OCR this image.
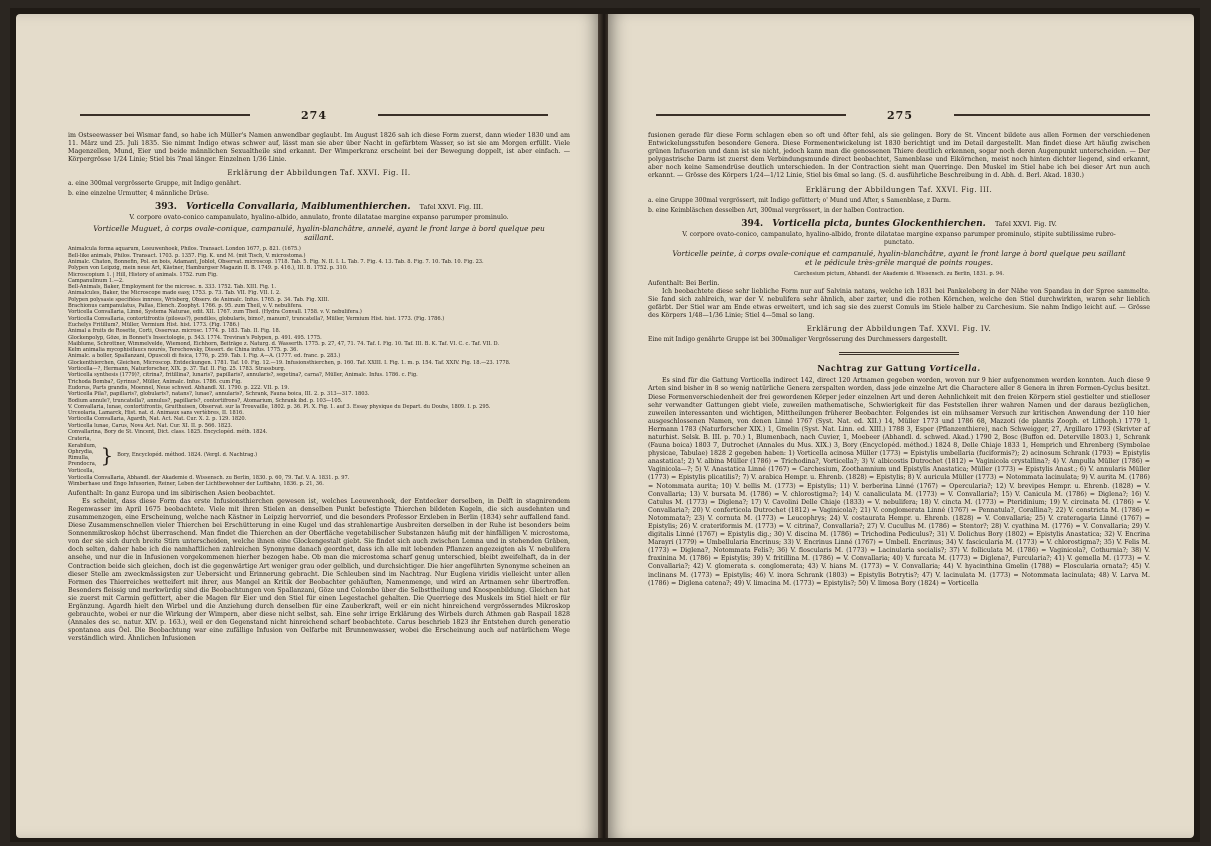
274

im Ostseewasser bei Wismar fand, so habe ich Müller's Namen anwendbar geglaubt. Im August 1826 sah ich diese Form zuerst, dann wieder 1830 und am 11. März und 25. Juli 1835. Sie nimmt Indigo etwas schwer auf, lässt man sie aber über Nacht in gefärbtem Wasser, so ist sie am Morgen erfüllt. Viele Magenzellen, Mund, Eier und beide männlichen Sexualtheile sind erkannt. Der Wimperkranz erscheint bei der Bewegung doppelt, ist aber einfach. — Körpergrösse 1/24 Linie; Stiel bis 7mal länger. Einzelnen 1/36 Linie.

Erklärung der Abbildungen Taf. XXVI. Fig. II.

a. eine 300mal vergrösserte Gruppe, mit Indigo genährt.

b. eine einzelne Urmutter, 4 männliche Drüse.

393. Vorticella Convallaria, Maiblumenthierchen. Tafel XXVI. Fig. III.

V. corpore ovato-conico campanulato, hyalino-albido, annulato, fronte dilatatae margine expanso parumper prominulo.

Vorticelle Muguet, à corps ovale-conique, campanulé, hyalin-blanchâtre, annelé, ayant le front large à bord quelque peu saillant.

Animalcula forma aquarum, Leeuwenhoek, Philos. Transact. London 1677, p. 821. (1675.)

Bell-like animals, Philos. Transact. 1703. p. 1357. Fig. K. und M. (mit Tisch, V. microstoma.)

Animalc. Chaton, Bonnefin, Pol. en bois, Adamant, Joblot, Observat. microscop. 1718. Tab. 5. Fig. N. II. I. L. Tab. 7. Fig. 4. 13. Tab. 8. Fig. 7. 10. Tab. 10. Fig. 23.

Polypen von Leipzig, mein neue Art, Kästner, Hamburgser Magazin II. B. 1749. p. 416.), III. B. 1752. p. 310.

Microscopium 1. | Hill, History of animals. 1752. rum Fig.

Campanulinum 1.—2.

Bell-Animals, Baker, Employment for the microsc. n. 333. 1752. Tab. XIII. Fig. 1.

Animalcules, Baker, the Microscope made easy, 1753. p. 73. Tab. VII. Fig. VII. I. 2.

Polypen polysasie specifiées innrees, Wrisberg, Observ. de Animalc. Infus. 1765. p. 34. Tab. Fig. XIII.

Brachionus campanulatus, Pallas, Elench. Zoophyt. 1766. p. 95. zum Theil, v. V. nebulifera.

Vorticella Convallaria, Linné, Systema Naturae, edit. XII. 1767. zum Theil. (Hydra Convall. 1758. v. V. nebulifera.)

Vorticella Convallaria, contortifrontis (pilosus?), pendiles, globularis, bimo?, manum?, truncatella?, Müller, Vermium Hist. hist. 1773. (Fig. 1786.)

Euchelys Fritillum?, Müller, Vermium Hist. hist. 1773. (Fig. 1786.)

Animal a fruits de Rosette, Corti, Osservaz. microsc. 1774. p. 183. Tab. II. Fig. 18.

Glockenpolyp, Göze, in Bonnet's Insectologie, p. 543. 1774. Treviran's Polypen, p. 491. 495. 1775.

Maiblume, Schrottner, Wimmelvelde, Wiemond, Eichhorn, Beiträge z. Naturg. d. Wasserth. 1775. p. 27, 47, 71. 74. Taf. I. Fig. 10. Taf. III. B. K. Taf. VI. C. c. Taf. VII. D.

Kelm animalia mycophisifaucs nourés, Terechowsky, Dissert. de China infus. 1775. p. 36.

Animalc. a boller, Spallanzani, Opuscoli di fisica, 1776, p. 259. Tab. I. Fig. A—A. (1777. ed. franc. p. 283.)

Glockenthierchen, Gleichen, Microscop. Entdeckungen. 1781. Taf. 10. Fig. 12.—19. Infusionsthierchen, p. 160. Taf. XXIII. I. Fig. 1. m. p. 154. Taf. XXIV. Fig. 18.—23. 1778.

Vorticella—?, Hermann, Naturforscher, XIX. p. 37. Taf. II. Fig. 25. 1783. Strassburg.

Vorticella synthesis (1779)?, citrina?, fritillina?, lunaris?, papillaris?, annularis?, segetina?, carna?, Müller, Animalc. Infus. 1786. c. Fig.

Trichoda Bomba?, Gyrinus?, Müller, Animalc. Infus. 1786. cum Fig.

Eudorus, Parts grandis, Moennel, Neue schwed. Abhandl. XI. 1790. p. 222. VII. p. 19.

Vorticella Pila?, papillaris?, globularis?, natans?, lunae?, annularis?, Schrank, Fauna boica, III. 2. p. 313—317. 1803.

Bodium annule?, truncatella?, annulus?, papillaris?, contortifrons?, Atomarium, Schrank ibd. p. 103—105.

V. Convallaria, lunae, contortifrontis, Gruithuisen, Observat. sur la Trouvaille, 1802. p. 36. Pl. X. Fig. 1. auf 3. Essay physique du Depart. du Doubs, 1809. I. p. 295.

Urceolaria, Lamarck, Hist. nat. d. Animaux sans vertèbres, II. 1816.

Vorticella Convallaria, Agardh, Nat. Act. Nat. Cur. X. 2. p. 129. 1820.

Vorticella lunae, Carus, Nova Act. Nat. Cur. XI. II. p. 566. 1823.

Convallarina, Bory de St. Vincent, Dict. class. 1825. Encyclopéd. méth. 1824.

Crateria,
Kerabilum,
Ophrydia,
Rimulla,
Prendocra,
Vorticella,
} Bory, Encyclopéd. méthod. 1824. (Vergl. d. Nachtrag.)

Vorticella Convallaria, Abhandl. der Akademie d. Wissensch. zu Berlin, 1830. p. 60, 79. Taf. V. A. 1831. p. 97.

Wimberhase und Engo Infusorien, Reiner, Leben der Lichtbewohner der Luftbahn, 1836. p. 21, 36.

Aufenthalt: In ganz Europa und im sibirischen Asien beobachtet.

Es scheint, dass diese Form das erste Infusionsthierchen gewesen ist, welches Leeuwenhoek, der Entdecker derselben, in Delft in stagnirendem Regenwasser im April 1675 beobachtete. Viele mit ihren Stielen an denselben Punkt befestigte Thierchen bildeten Kugeln, die sich ausdehnten und zusammenzogen, eine Erscheinung, welche nach Kästner in Leipzig hervorrief, und die besonders Professor Erxleben in Berlin (1834) sehr auffallend fand. Diese Zusammenschnellen vieler Thierchen bei Erschütterung in eine Kugel und das strahlenartige Ausbreiten derselben in der Ruhe ist besonders beim Sonnenmikroskop höchst überraschend. Man findet die Thierchen an der Oberfläche vegetabilischer Substanzen häufig mit der hinfälligen V. microstoma, von der sie sich durch breite Stirn unterscheiden, welche ihnen eine Glockengestalt giebt. Sie findet sich auch zwischen Lemna und in stehenden Gräben, doch selten, daher habe ich die namhaftlichen zahlreichen Synonyme danach geordnet, dass ich alle mit lebenden Pflanzen angezeigten als V. nebulifera ansehe, und nur die in Infusionen vorgekommenen hierher bezogen habe. Ob man die microstoma scharf genug unterschied, bleibt zweifelhaft, da in der Contraction beide sich gleichen, doch ist die gegenwärtige Art weniger grau oder gelblich, und durchsichtiger. Die hier angeführten Synonyme scheinen an dieser Stelle am zweckmässigsten zur Uebersicht und Erinnerung gebracht. Die Schleuben sind im Nachtrag. Nur Euglena viridis vielleicht unter allen Formen des Thierreiches wetteifert mit ihrer, aus Mangel an Kritik der Beobachter gehäuften, Namenmenge, und wird an Artnamen sehr übertroffen. Besonders fleissig und merkwürdig sind die Beobachtungen von Spallanzani, Göze und Colombo über die Selbsttheilung und Knospenbildung. Gleichen hat sie zuerst mit Carmin gefüttert, aber die Magen für Eier und den Stiel für einen Legestachel gehalten. Die Querriege des Muskels im Stiel hielt er für Ergänzung. Agardh hielt den Wirbel und die Anziehung durch denselben für eine Zauberkraft, weil er ein nicht hinreichend vergrösserndes Mikroskop gebrauchte, wobei er nur die Wirkung der Wimpern, aber diese nicht selbst, sah. Eine sehr irrige Erklärung des Wirbels durch Athmen gab Raspail 1828 (Annales des sc. natur. XIV. p. 163.), weil er den Gegenstand nicht hinreichend scharf beobachtete. Carus beschrieb 1823 ihr Entstehen durch generatio spontanea aus Öel. Die Beobachtung war eine zufällige Infusion von Oelfarbe mit Brunnenwasser, wobei die Erscheinung auch auf natürlichem Wege verständlich wird. Ähnlichen Infusionen

275

fusionen gerade für diese Form schlagen eben so oft und öfter fehl, als sie gelingen. Bory de St. Vincent bildete aus allen Formen der verschiedenen Entwickelungsstufen besondere Genera. Diese Formenentwickelung ist 1830 berichtigt und im Detail dargestellt. Man findet diese Art häufig zwischen grünen Infusorien und dann ist sie nicht, jedoch kann man die genossenen Thiere deutlich erkennen, sogar noch deren Augenpunkt unterscheiden. — Der polygastrische Darm ist zuerst dem Verbindungsmunde direct beobachtet, Samenblase und Eikörnchen, meist noch hinten dichter liegend, sind erkannt, aber noch keine Samendrüse deutlich unterschieden. In der Contraction sieht man Querringe. Den Muskel im Stiel habe ich bei dieser Art nun auch erkannt. — Grösse des Körpers 1/24—1/12 Linie, Stiel bis 6mal so lang. (S. d. ausführliche Beschreibung in d. Abh. d. Berl. Akad. 1830.)

Erklärung der Abbildungen Taf. XXVI. Fig. III.

a. eine Gruppe 300mal vergrössert, mit Indigo gefüttert; o' Mund und After, s Samenblase, z Darm.

b. eine Keimbläschen desselben Art, 300mal vergrössert, in der halben Contraction.

394. Vorticella picta, buntes Glockenthierchen. Tafel XXVI. Fig. IV.

V. corpore ovato-conico, campanulato, hyalino-albido, fronte dilatatae margine expanso parumper prominulo, stipite subtilissime rubro-punctato.

Vorticelle peinte, à corps ovale-conique et campanulé, hyalin-blanchâtre, ayant le front large à bord quelque peu saillant et le pédicule très-grêle marqué de points rouges.

Carchesium pictum, Abhandl. der Akademie d. Wissensch. zu Berlin, 1831. p. 94.

Aufenthalt: Bei Berlin.

Ich beobachtete diese sehr liebliche Form nur auf Salvinia natans, welche ich 1831 bei Pankeleberg in der Nähe von Spandau in der Spree sammelte. Sie fand sich zahlreich, war der V. nebulifera sehr ähnlich, aber zarter, und die rothen Körnchen, welche den Stiel durchwirkten, waren sehr lieblich gefärbt. Der Stiel war am Ende etwas erweitert, und ich sag sie des zuerst Comuls im Stiele halber zu Carchesium. Sie nahm Indigo leicht auf. — Grösse des Körpers 1/48—1/36 Linie; Stiel 4—5mal so lang.

Erklärung der Abbildungen Taf. XXVI. Fig. IV.

Eine mit Indigo genährte Gruppe ist bei 300maliger Vergrösserung des Durchmessers dargestellt.

Nachtrag zur Gattung Vorticella.

Es sind für die Gattung Vorticella indirect 142, direct 120 Artnamen gegeben worden, wovon nur 9 hier aufgenommen werden konnten. Auch diese 9 Arten sind bisher in 8 so wenig natürliche Genera zerspalten worden, dass jede einzelne Art die Charactere aller 8 Genera in ihren Formen-Cyclus besitzt. Diese Formenverschiedenheit der frei gewordenen Körper jeder einzelnen Art und deren Aehnlichkeit mit den freien Körpern stiel gestielter und stielloser sehr verwandter Gattungen giebt viele, zuweilen mathematische, Schwierigkeit für das Feststellen ihrer wahren Namen und der daraus bezüglichen, zuweilen interessanten und wichtigen, Mittheilungen früherer Beobachter. Folgendes ist ein mühsamer Versuch zur kritischen Anwendung der 110 hier ausgeschlossenen Namen, von denen Linné 1767 (Syst. Nat. ed. XII.) 14, Müller 1773 und 1786 68, Mazzoti (de plantis Zooph. et Lithoph.) 1779 1, Hermann 1783 (Naturforscher XIX.) 1, Gmelin (Syst. Nat. Linn. ed. XIII.) 1788 3, Esper (Pflanzenthiere), nach Schweigger, 27, Argillaro 1793 (Skrivter af naturhist. Selsk. B. III. p. 70.) 1, Blumenbach, nach Cuvier, 1, Moebeer (Abhandl. d. schwed. Akad.) 1790 2, Bosc (Buffon ed. Deterville 1803.) 1, Schrank (Fauna boica) 1803 7, Dutrochet (Annales du Mus. XIX.) 3, Bory (Encyclopéd. méthod.) 1824 8, Delle Chiaje 1833 1, Hemprich und Ehrenberg (Symbolae physicae, Tabulae) 1828 2 gegeben haben: 1) Vorticella acinosa Müller (1773) = Epistylis umbellaria (fuciformis?); 2) acinosum Schrank (1793) = Epistylis anastatica!; 2) V. albina Müller (1786) = Trichodina?, Vorticella?; 3) V. albicostis Dutrochet (1812) = Vaginicola crystallina?; 4) V. Ampulla Müller (1786) = Vaginicola—?; 5) V. Anastatica Linné (1767) = Carchesium, Zoothamnium und Epistylis Anastatica; Müller (1773) = Epistylis Anast.; 6) V. annularis Müller (1773) = Epistylis plicatilis?; 7) V. arabica Hempr. u. Ehrenb. (1828) = Epistylis; 8) V. auricula Müller (1773) = Notommata lacinulata; 9) V. aurita M. (1786) = Notommata aurita; 10) V. bellis M. (1773) = Epistylis; 11) V. berberina Linné (1767) = Opercularia?; 12) V. brevipes Hempr. u. Ehrenb. (1828) = V. Convallaria; 13) V. bursata M. (1786) = V. chlorostigma?; 14) V. canaliculata M. (1773) = V. Convallaria?; 15) V. Canicula M. (1786) = Diglena?; 16) V. Catulus M. (1773) = Diglena?; 17) V. Cavolini Delle Chiaje (1833) = V. nebulifera; 18) V. cincta M. (1773) = Pteridinium; 19) V. circinata M. (1786) = V. Convallaria?; 20) V. conferticola Dutrochet (1812) = Vaginicola?; 21) V. conglomerata Linné (1767) = Pennatula?, Corallina?; 22) V. constricta M. (1786) = Notommata?; 23) V. cornuta M. (1773) = Leucophrys; 24) V. costaurata Hempr. u. Ehrenb. (1828) = V. Convallaria; 25) V. crateragaria Linné (1767) = Epistylis; 26) V. crateriformis M. (1773) = V. citrina?, Convallaria?; 27) V. Cucullus M. (1786) = Stentor?; 28) V. cyathina M. (1776) = V. Convallaria; 29) V. digitalis Linné (1767) = Epistylis dig.; 30) V. discina M. (1786) = Trichodina Pediculus?; 31) V. Dolichus Bory (1802) = Epistylis Anastatica; 32) V. Encrina Marayri (1779) = Umbellularia Encrinus; 33) V. Encrinus Linné (1767) = Umbell. Encrinus; 34) V. fascicularia M. (1773) = V. chlorostigma?; 35) V. Felis M. (1773) = Diglena?, Notommata Felis?; 36) V. floscularis M. (1773) = Lacinularia socialis?; 37) V. folliculata M. (1786) = Vaginicola?, Cothurnia?; 38) V. fraxinina M. (1786) = Epistylis; 39) V. fritillina M. (1786) = V. Convallaria; 40) V. furcata M. (1773) = Diglena?, Furcularia?; 41) V. gemella M. (1773) = V. Convallaria?; 42) V. glomerata s. conglomerata; 43) V. hians M. (1773) = V. Convallaria; 44) V. hyacinthina Gmelin (1788) = Floscularia ornata?; 45) V. inclinans M. (1773) = Epistylis; 46) V. inora Schrank (1803) = Epistylis Botrytis?; 47) V. lacinulata M. (1773) = Notommata lacinulata; 48) V. Larva M. (1786) = Diglena catena?; 49) V. limacina M. (1773) = Epistylis?; 50) V. limosa Bory (1824) = Vorticella
